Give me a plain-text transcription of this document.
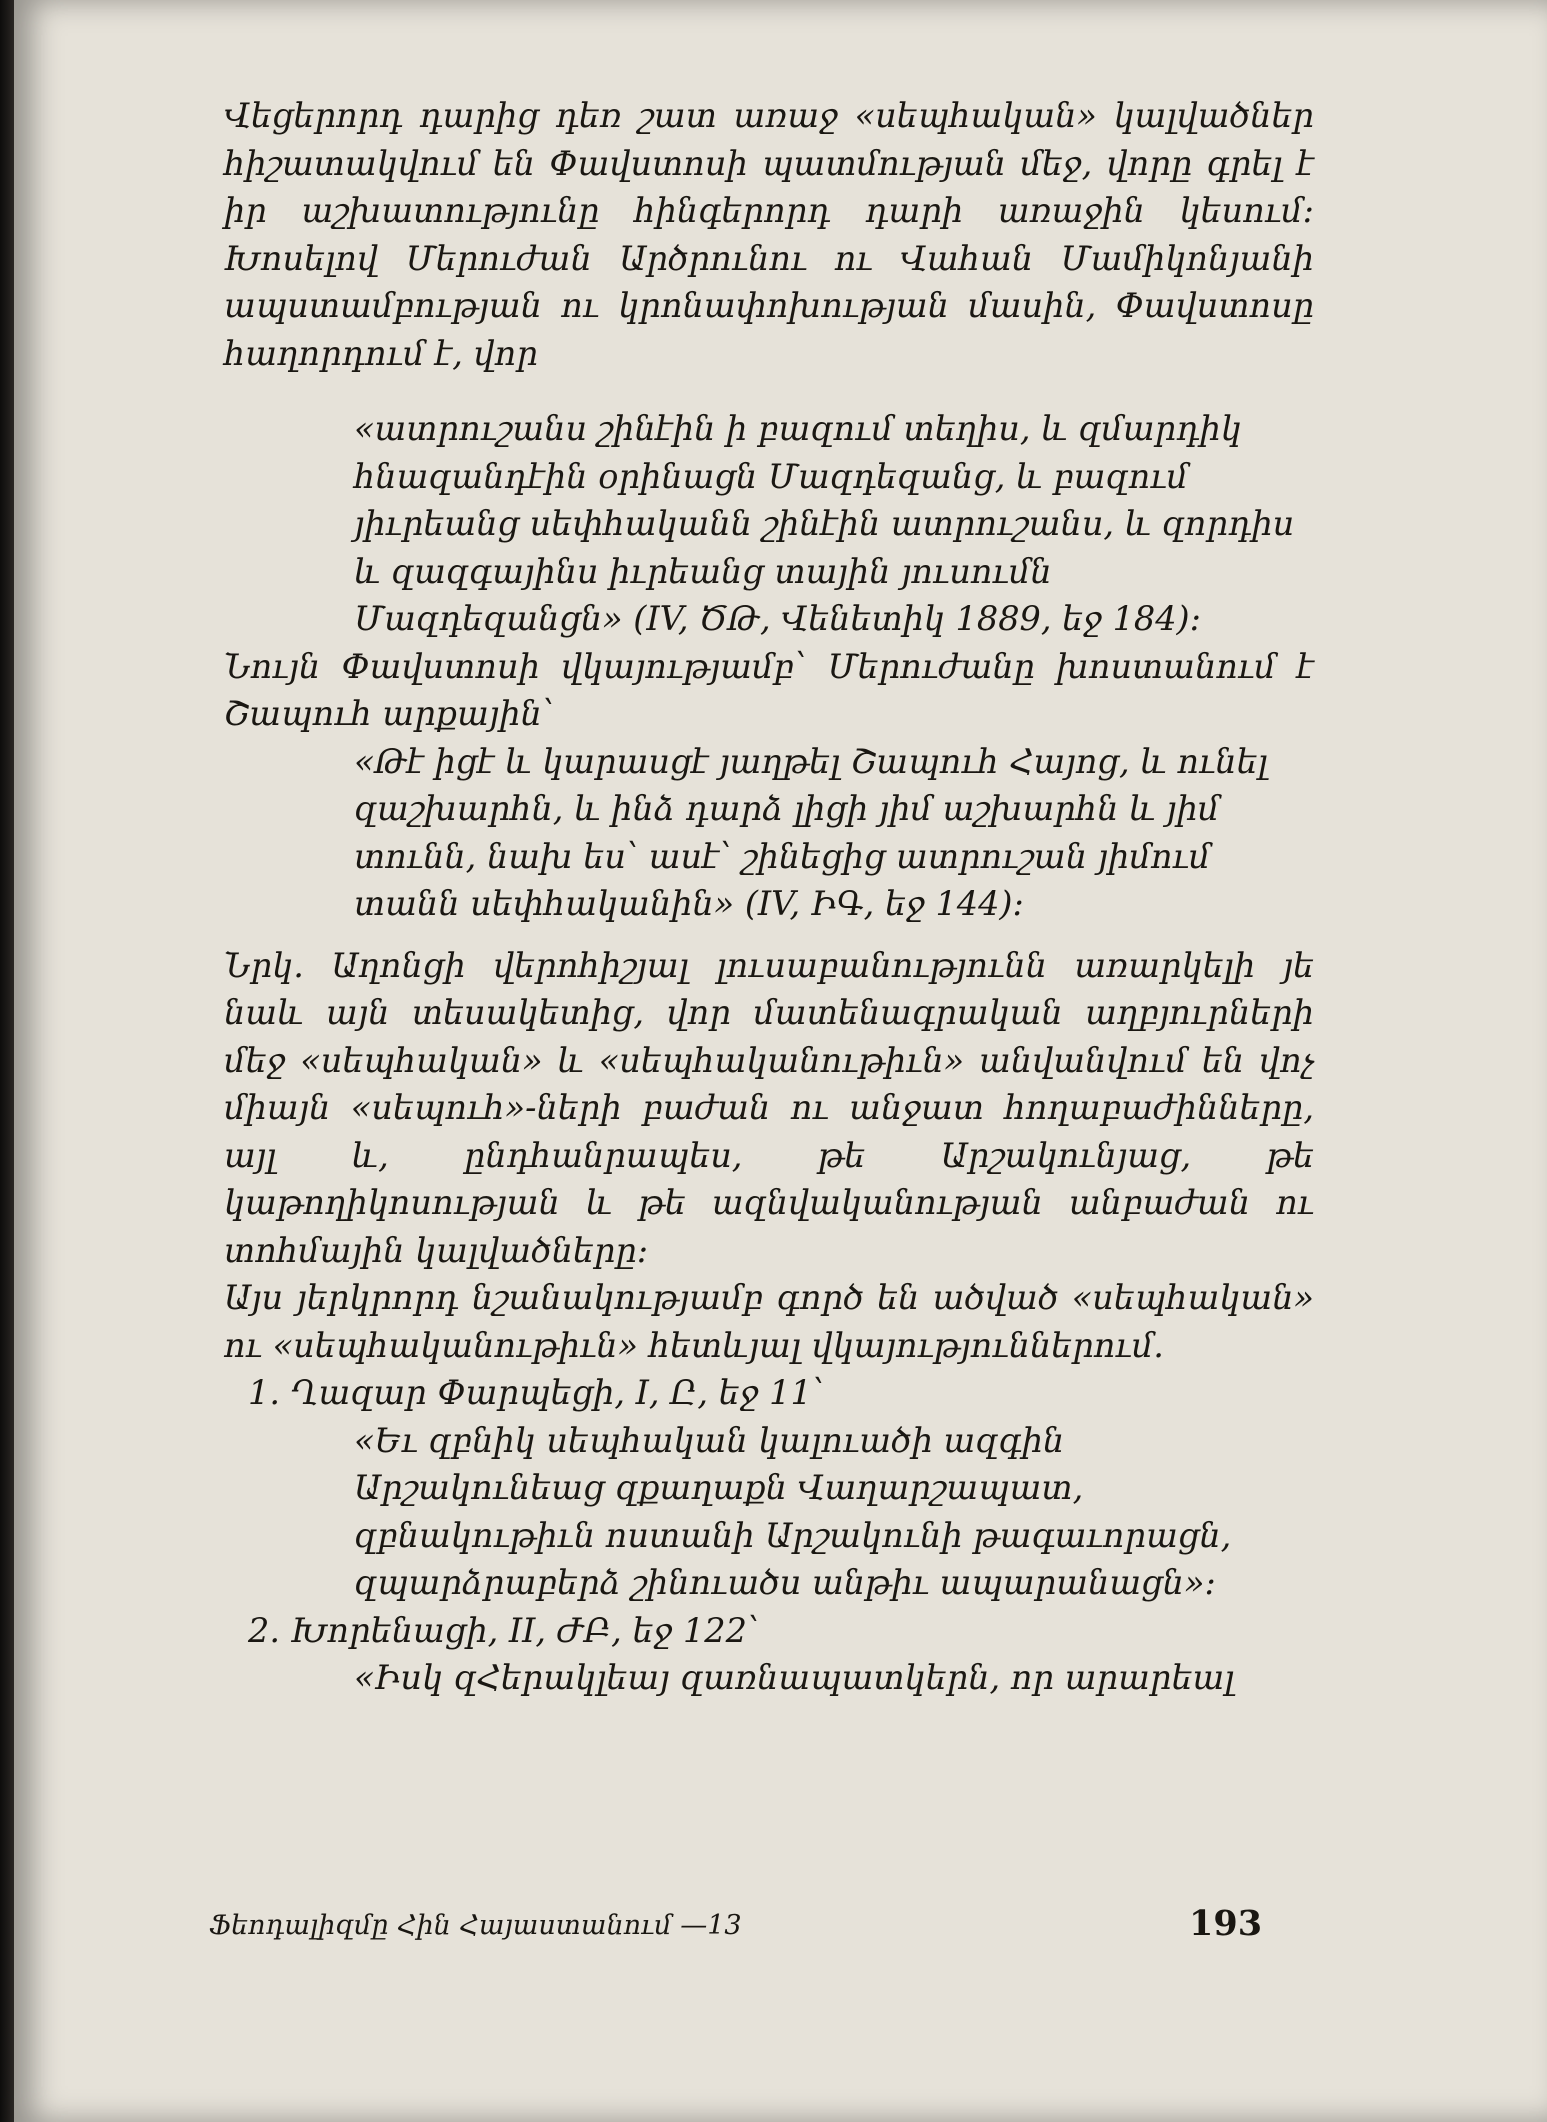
Վեցերորդ դարից դեռ շատ առաջ «սեպհական» կալվածներ հիշատակվում են Փավստոսի պատմության մեջ, վորը գրել է իր աշխատությունը հինգերորդ դարի առաջին կեսում։ Խոսելով Մերուժան Արծրունու ու Վահան Մամիկոնյանի ապստամբության ու կրոնափոխության մասին, Փավստոսը հաղորդում է, վոր

«ատրուշանս շինէին ի բազում տեղիս, և զմարդիկ հնազանդէին օրինացն Մազդեզանց, և բազում յիւրեանց սեփհականն շինէին ատրուշանս, և զորդիս և զազգայինս իւրեանց տային յուսումն Մազդեզանցն» (IV, ԾԹ, Վենետիկ 1889, եջ 184)։

Նույն Փավստոսի վկայությամբ՝ Մերուժանը խոստանում է Շապուհ արքային՝

«Թէ իցէ և կարասցէ յաղթել Շապուհ Հայոց, և ունել զաշխարհն, և ինձ դարձ լիցի յիմ աշխարհն և յիմ տունն, նախ ես՝ ասէ՝ շինեցից ատրուշան յիմում տանն սեփհականին» (IV, ԻԳ, եջ 144)։

Նրկ. Աղոնցի վերոհիշյալ լուսաբանությունն առարկելի յե նաև այն տեսակետից, վոր մատենագրական աղբյուրների մեջ «սեպհական» և «սեպհականութիւն» անվանվում են վոչ միայն «սեպուհ»-ների բաժան ու անջատ հողաբաժինները, այլ և, ընդհանրապես, թե Արշակունյաց, թե կաթողիկոսության և թե ազնվականության անբաժան ու տոհմային կալվածները։

Այս յերկրորդ նշանակությամբ գործ են ածված «սեպհական» ու «սեպհականութիւն» հետևյալ վկայություններում.

1. Ղազար Փարպեցի, I, Ը, եջ 11՝

«Եւ զբնիկ սեպհական կալուածի ազգին Արշակունեաց զքաղաքն Վաղարշապատ, զբնակութիւն ոստանի Արշակունի թագաւորացն, զպարձրաբերձ շինուածս անթիւ ապարանացն»։

2. Խորենացի, II, ԺԲ, եջ 122՝

«Իսկ զՀերակլեայ զառնապատկերն, որ արարեալ

Ֆեոդալիզմը Հին Հայաստանում —13	193
